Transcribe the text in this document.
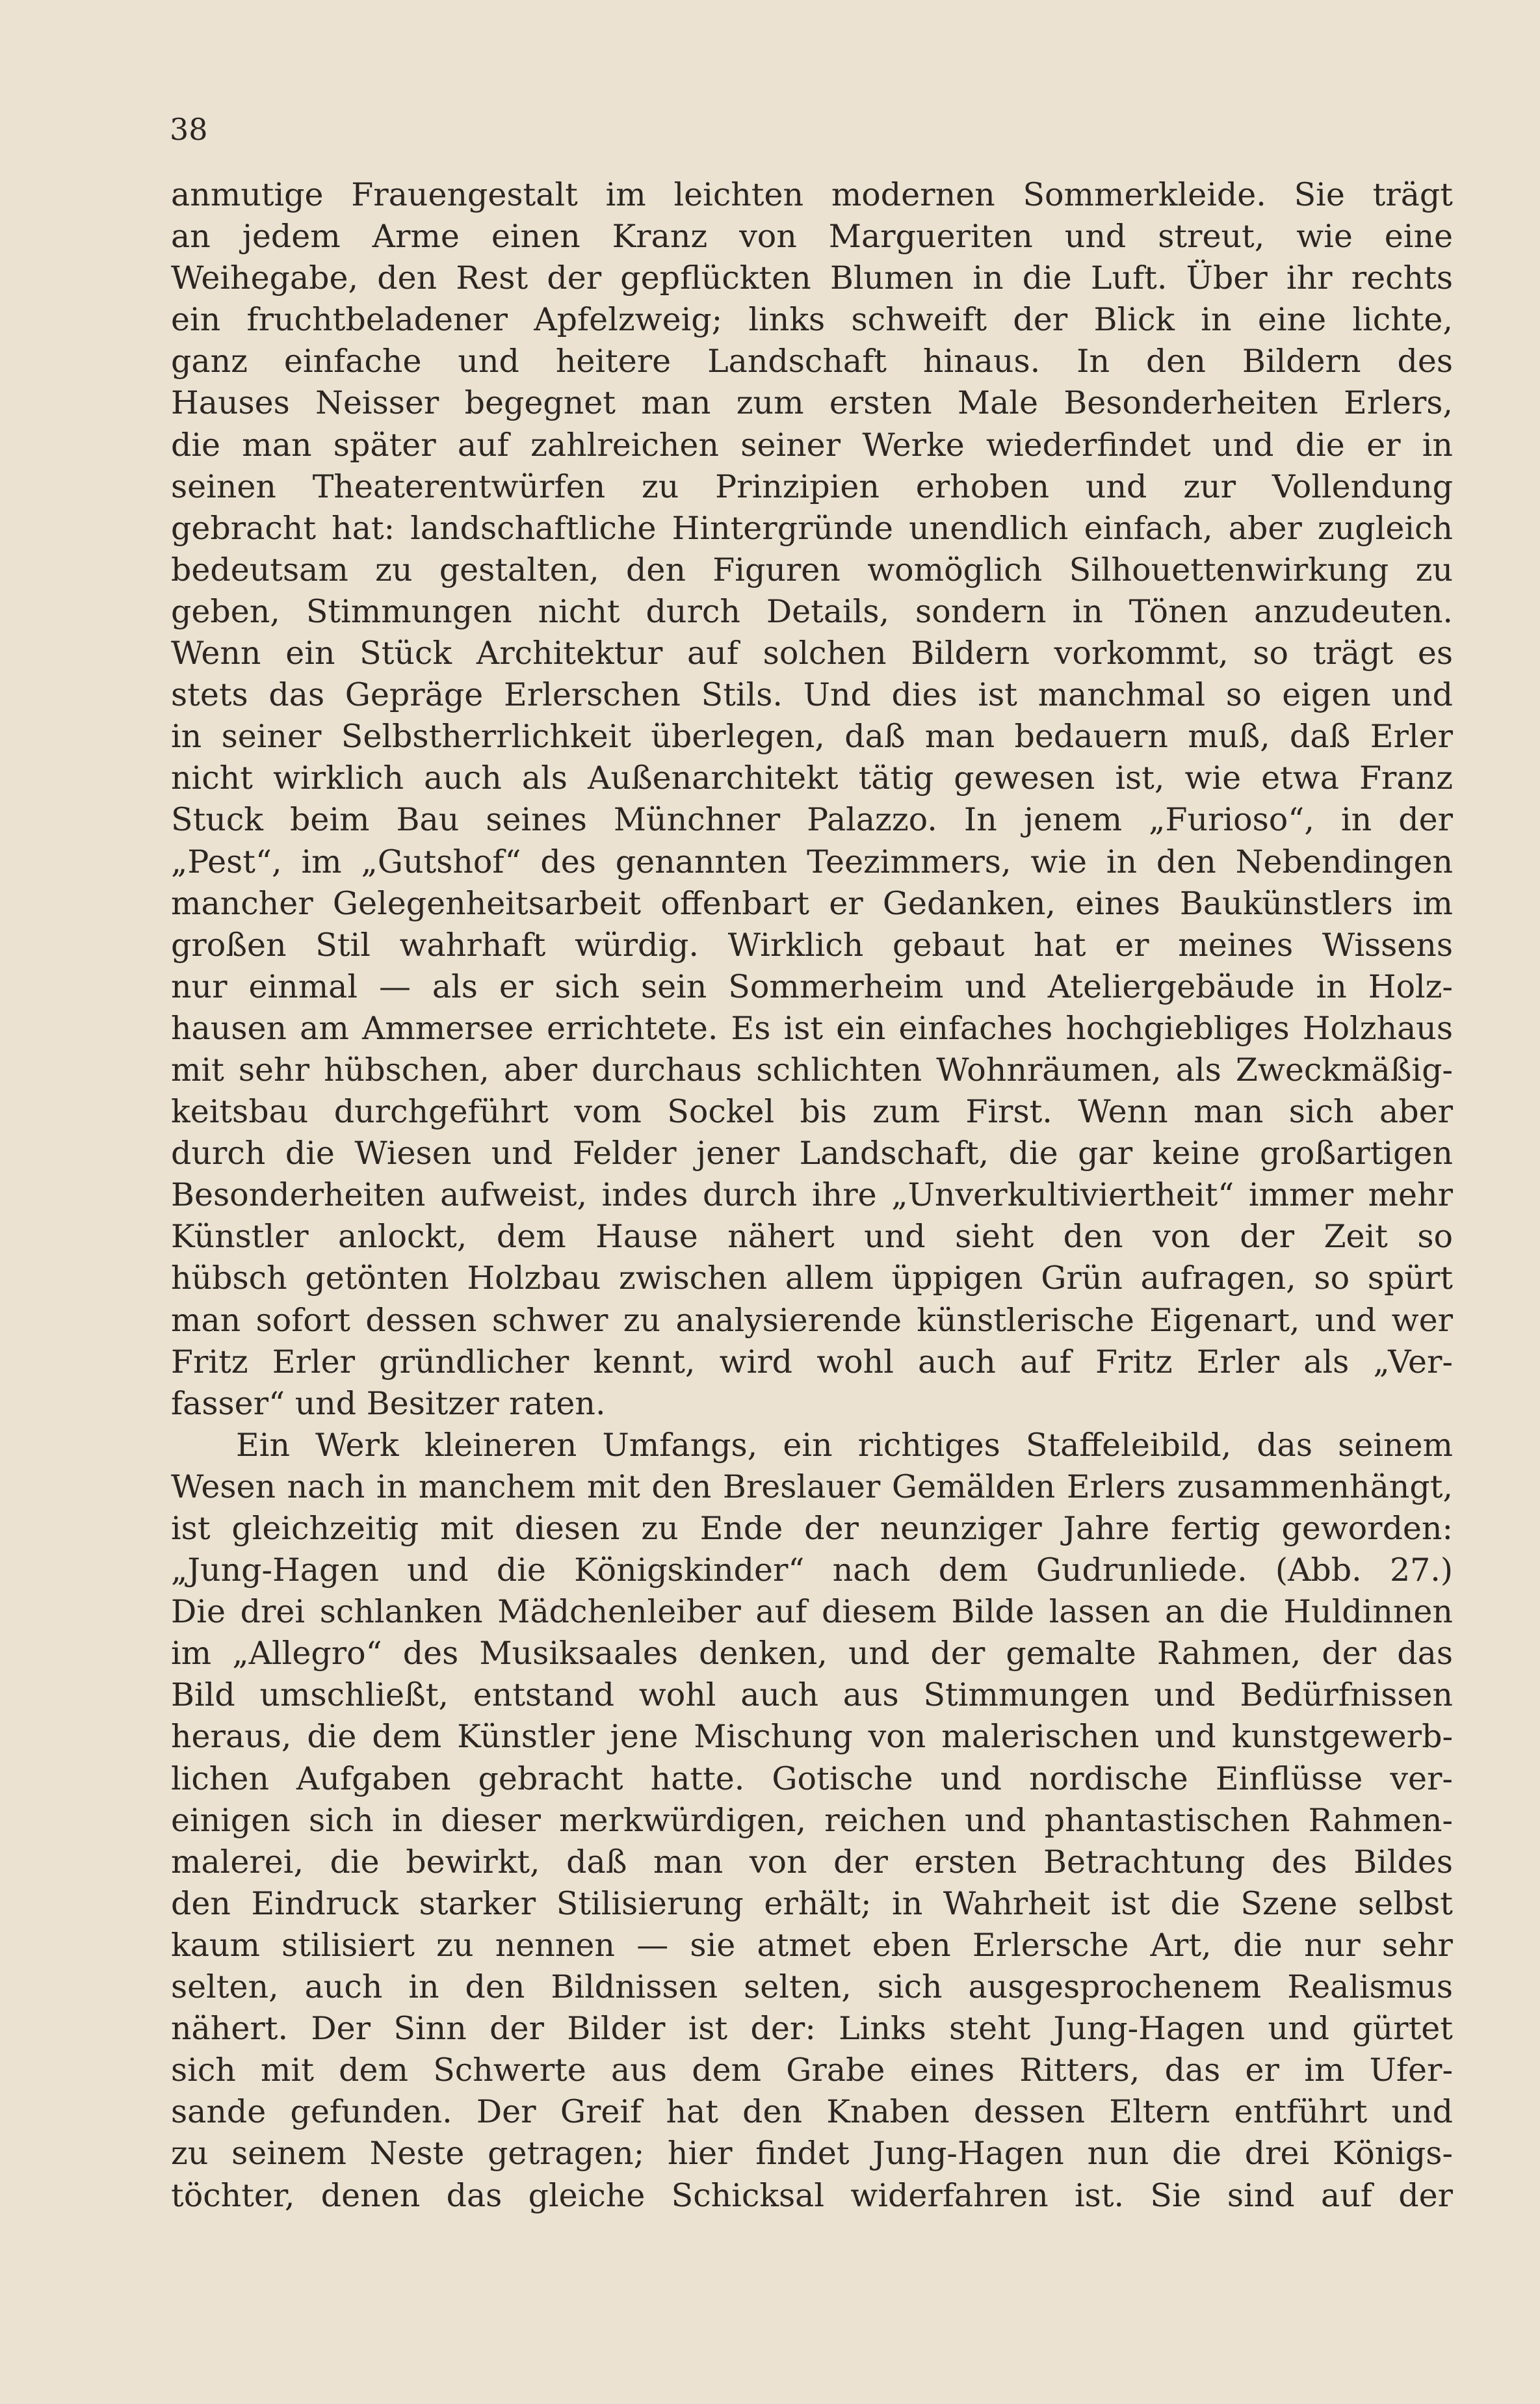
38
anmutige Frauengestalt im leichten modernen Sommerkleide. Sie trägt
an jedem Arme einen Kranz von Margueriten und streut, wie eine
Weihegabe, den Rest der gepflückten Blumen in die Luft. Über ihr rechts
ein fruchtbeladener Apfelzweig; links schweift der Blick in eine lichte,
ganz einfache und heitere Landschaft hinaus. In den Bildern des
Hauses Neisser begegnet man zum ersten Male Besonderheiten Erlers,
die man später auf zahlreichen seiner Werke wiederfindet und die er in
seinen Theaterentwürfen zu Prinzipien erhoben und zur Vollendung
gebracht hat: landschaftliche Hintergründe unendlich einfach, aber zugleich
bedeutsam zu gestalten, den Figuren womöglich Silhouettenwirkung zu
geben, Stimmungen nicht durch Details, sondern in Tönen anzudeuten.
Wenn ein Stück Architektur auf solchen Bildern vorkommt, so trägt es
stets das Gepräge Erlerschen Stils. Und dies ist manchmal so eigen und
in seiner Selbstherrlichkeit überlegen, daß man bedauern muß, daß Erler
nicht wirklich auch als Außenarchitekt tätig gewesen ist, wie etwa Franz
Stuck beim Bau seines Münchner Palazzo. In jenem „Furioso“, in der
„Pest“, im „Gutshof“ des genannten Teezimmers, wie in den Nebendingen
mancher Gelegenheitsarbeit offenbart er Gedanken, eines Baukünstlers im
großen Stil wahrhaft würdig. Wirklich gebaut hat er meines Wissens
nur einmal — als er sich sein Sommerheim und Ateliergebäude in Holz-
hausen am Ammersee errichtete. Es ist ein einfaches hochgiebliges Holzhaus
mit sehr hübschen, aber durchaus schlichten Wohnräumen, als Zweckmäßig-
keitsbau durchgeführt vom Sockel bis zum First. Wenn man sich aber
durch die Wiesen und Felder jener Landschaft, die gar keine großartigen
Besonderheiten aufweist, indes durch ihre „Unverkultiviertheit“ immer mehr
Künstler anlockt, dem Hause nähert und sieht den von der Zeit so
hübsch getönten Holzbau zwischen allem üppigen Grün aufragen, so spürt
man sofort dessen schwer zu analysierende künstlerische Eigenart, und wer
Fritz Erler gründlicher kennt, wird wohl auch auf Fritz Erler als „Ver-
fasser“ und Besitzer raten.
Ein Werk kleineren Umfangs, ein richtiges Staffeleibild, das seinem
Wesen nach in manchem mit den Breslauer Gemälden Erlers zusammenhängt,
ist gleichzeitig mit diesen zu Ende der neunziger Jahre fertig geworden:
„Jung-Hagen und die Königskinder“ nach dem Gudrunliede. (Abb. 27.)
Die drei schlanken Mädchenleiber auf diesem Bilde lassen an die Huldinnen
im „Allegro“ des Musiksaales denken, und der gemalte Rahmen, der das
Bild umschließt, entstand wohl auch aus Stimmungen und Bedürfnissen
heraus, die dem Künstler jene Mischung von malerischen und kunstgewerb-
lichen Aufgaben gebracht hatte. Gotische und nordische Einflüsse ver-
einigen sich in dieser merkwürdigen, reichen und phantastischen Rahmen-
malerei, die bewirkt, daß man von der ersten Betrachtung des Bildes
den Eindruck starker Stilisierung erhält; in Wahrheit ist die Szene selbst
kaum stilisiert zu nennen — sie atmet eben Erlersche Art, die nur sehr
selten, auch in den Bildnissen selten, sich ausgesprochenem Realismus
nähert. Der Sinn der Bilder ist der: Links steht Jung-Hagen und gürtet
sich mit dem Schwerte aus dem Grabe eines Ritters, das er im Ufer-
sande gefunden. Der Greif hat den Knaben dessen Eltern entführt und
zu seinem Neste getragen; hier findet Jung-Hagen nun die drei Königs-
töchter, denen das gleiche Schicksal widerfahren ist. Sie sind auf der
